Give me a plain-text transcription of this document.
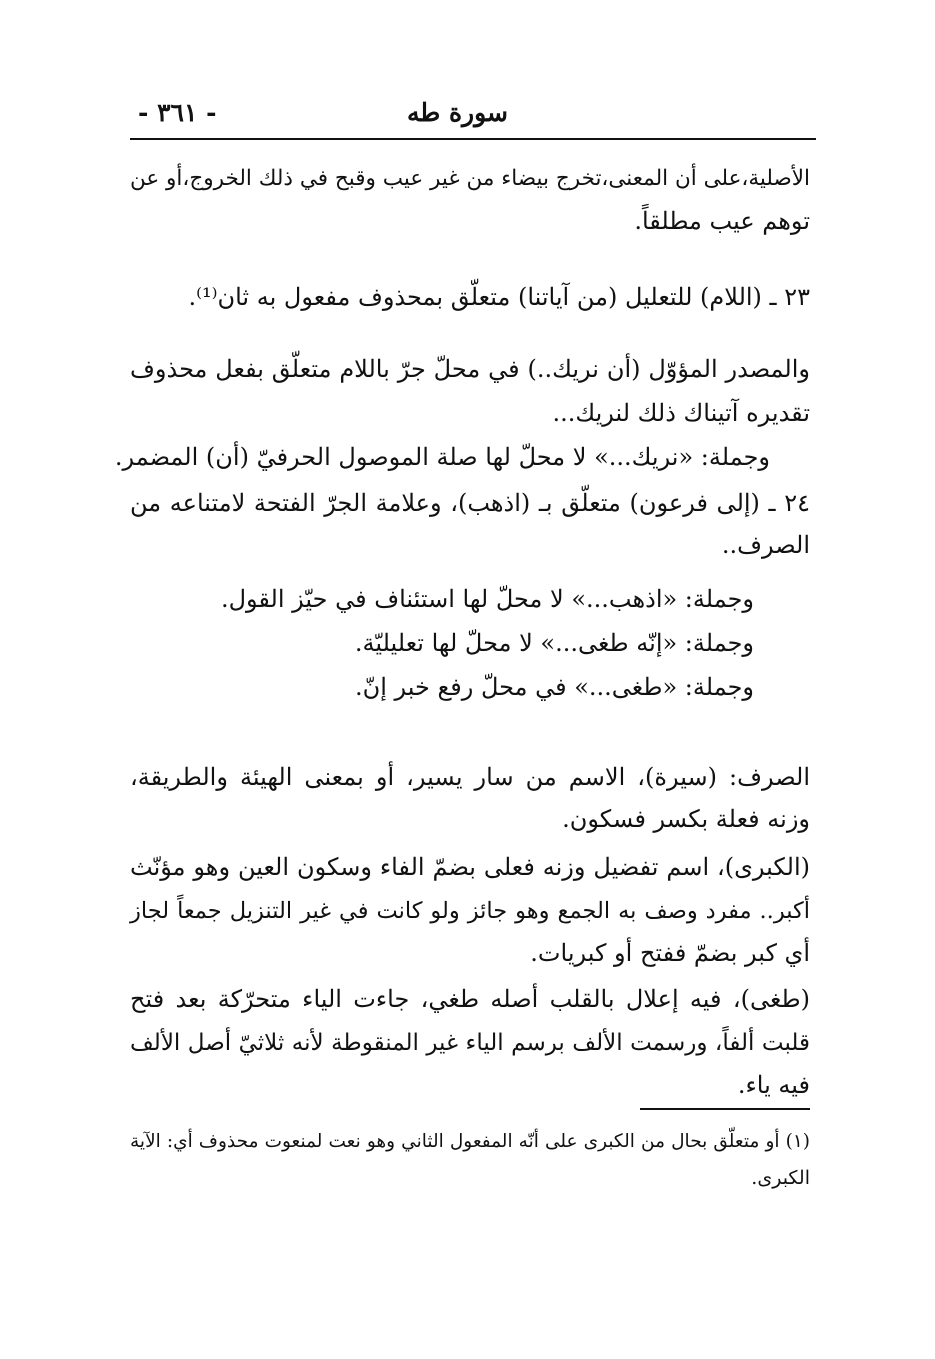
سورة طه
- ٣٦١ -
الأصلية،على أن المعنى،تخرج بيضاء من غير عيب وقبح في ذلك الخروج،أو عن
توهم عيب مطلقاً.
٢٣ ـ (اللام) للتعليل (من آياتنا) متعلّق بمحذوف مفعول به ثان⁽¹⁾.
والمصدر المؤوّل (أن نريك..) في محلّ جرّ باللام متعلّق بفعل محذوف
تقديره آتيناك ذلك لنريك...
وجملة: «نريك...» لا محلّ لها صلة الموصول الحرفيّ (أن) المضمر.
٢٤ ـ (إلى فرعون) متعلّق بـ (اذهب)، وعلامة الجرّ الفتحة لامتناعه من
الصرف..
وجملة: «اذهب...» لا محلّ لها استئناف في حيّز القول.
وجملة: «إنّه طغى...» لا محلّ لها تعليليّة.
وجملة: «طغى...» في محلّ رفع خبر إنّ.
الصرف: (سيرة)، الاسم من سار يسير، أو بمعنى الهيئة والطريقة،
وزنه فعلة بكسر فسكون.
(الكبرى)، اسم تفضيل وزنه فعلى بضمّ الفاء وسكون العين وهو مؤنّث
أكبر.. مفرد وصف به الجمع وهو جائز ولو كانت في غير التنزيل جمعاً لجاز
أي كبر بضمّ ففتح أو كبريات.
(طغى)، فيه إعلال بالقلب أصله طغي، جاءت الياء متحرّكة بعد فتح
قلبت ألفاً، ورسمت الألف برسم الياء غير المنقوطة لأنه ثلاثيّ أصل الألف
فيه ياء.
(١) أو متعلّق بحال من الكبرى على أنّه المفعول الثاني وهو نعت لمنعوت محذوف أي: الآية
الكبرى.
